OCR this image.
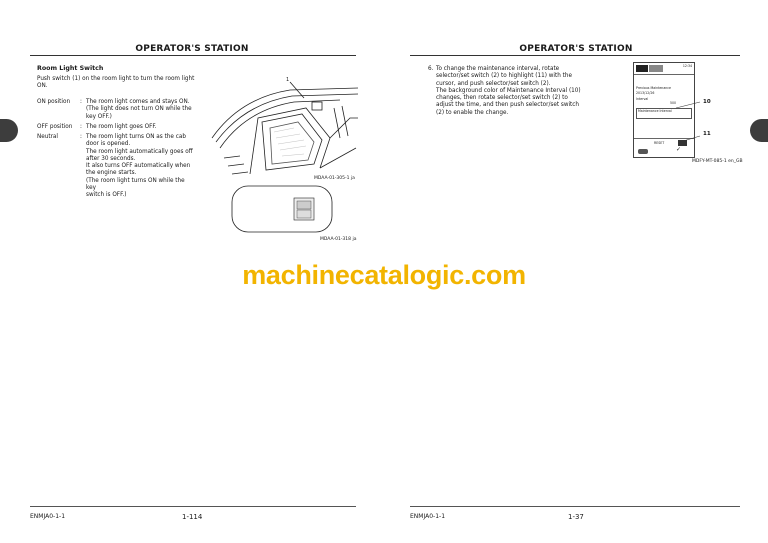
OPERATOR'S STATION
Room Light Switch
Push switch (1) on the room light to turn the room light
ON.
ON position : The room light comes and stays ON.
(The light does not turn ON while the
key OFF.)
OFF position : The room light goes OFF.
Neutral	: The room light turns ON as the cab
door is opened.
The room light automatically goes off
after 30 seconds.
It also turns OFF automatically when
the engine starts.
(The room light turns ON while the key
switch is OFF.)
1
MDAA-01-305-1 ja
MDAA-01-318 ja
ENMJA0-1-1	1-114
OPERATOR'S STATION
6. To change the maintenance interval, rotate
selector/set switch (2) to highlight (11) with the
cursor, and push selector/set switch (2).
The background color of Maintenance Interval (10)
changes, then rotate selector/set switch (2) to
adjust the time, and then push selector/set switch
(2) to enable the change.
12:34
Previous Maintenance
2013/12/26
Interval
500
Maintenance Interval
RESET
✓
10
11
MDFY-MT-085-1 en_GB
ENMJA0-1-1	1-37
machinecatalogic.com
